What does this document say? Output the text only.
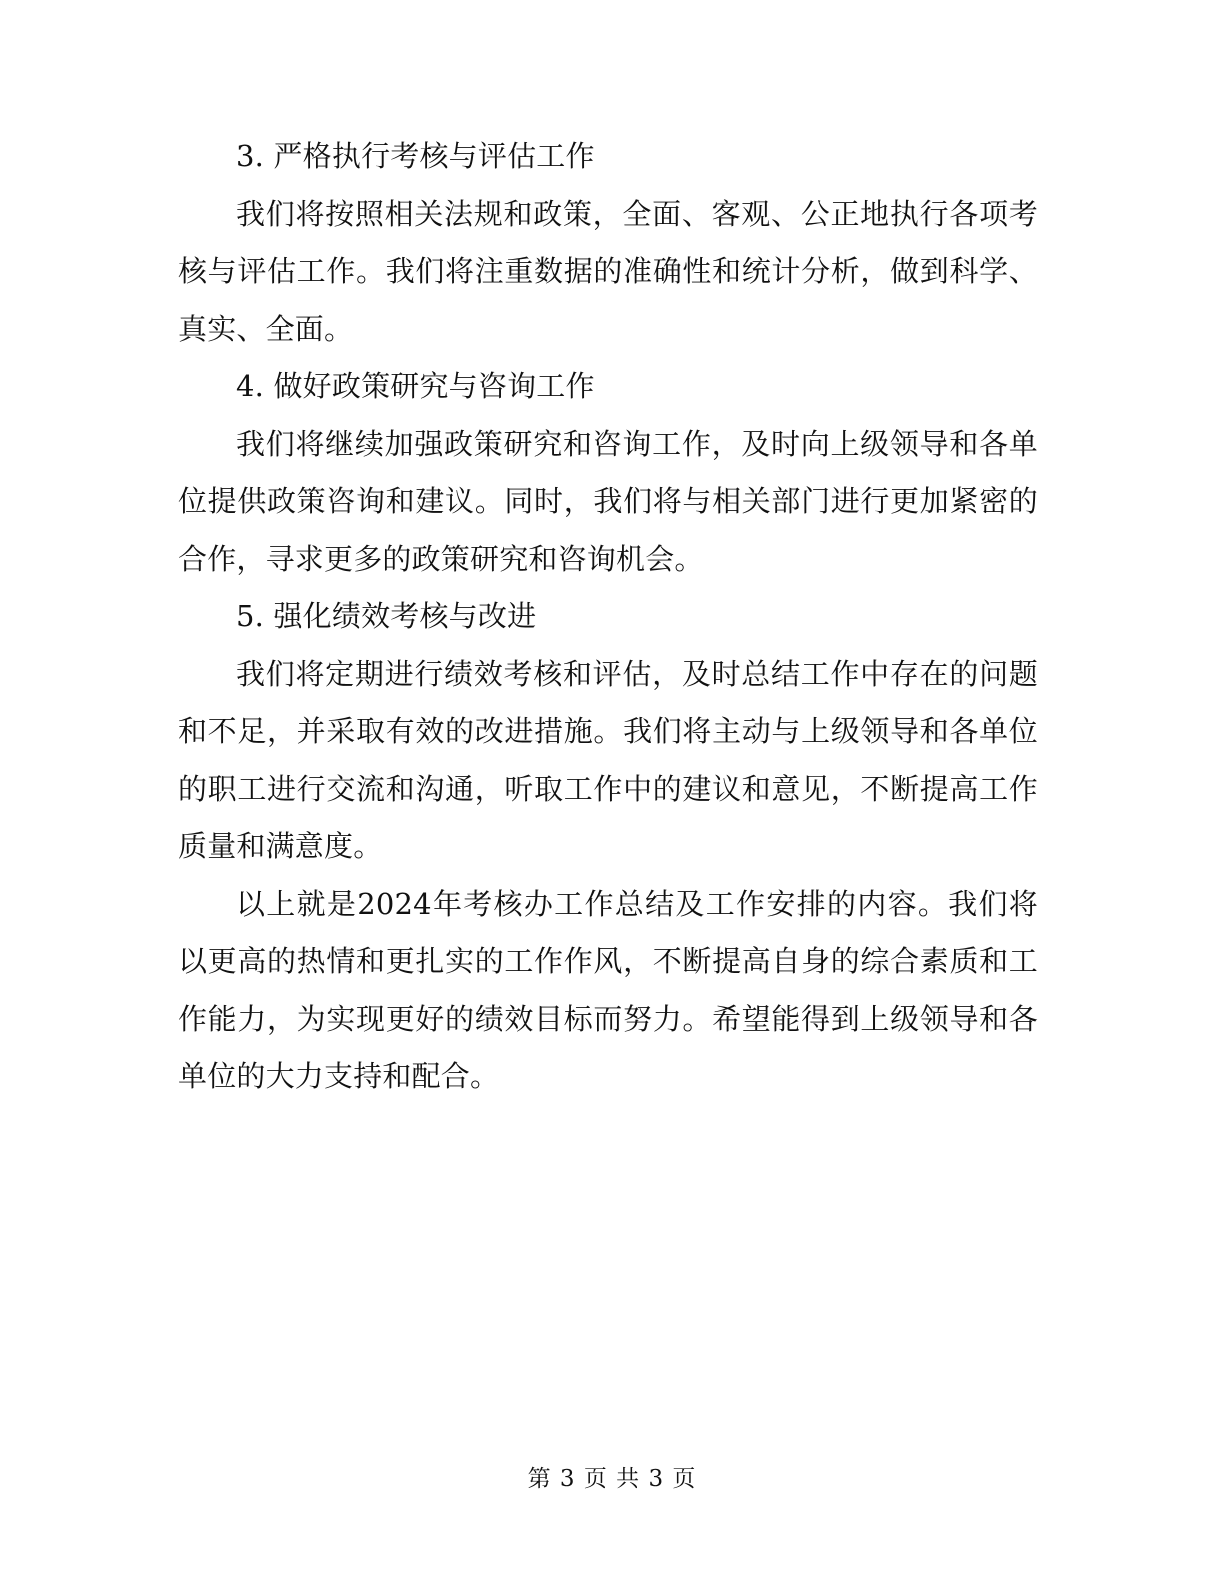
3. 严格执行考核与评估工作

我们将按照相关法规和政策，全面、客观、公正地执行各项考核与评估工作。我们将注重数据的准确性和统计分析，做到科学、真实、全面。

4. 做好政策研究与咨询工作

我们将继续加强政策研究和咨询工作，及时向上级领导和各单位提供政策咨询和建议。同时，我们将与相关部门进行更加紧密的合作，寻求更多的政策研究和咨询机会。

5. 强化绩效考核与改进

我们将定期进行绩效考核和评估，及时总结工作中存在的问题和不足，并采取有效的改进措施。我们将主动与上级领导和各单位的职工进行交流和沟通，听取工作中的建议和意见，不断提高工作质量和满意度。

以上就是2024年考核办工作总结及工作安排的内容。我们将以更高的热情和更扎实的工作作风，不断提高自身的综合素质和工作能力，为实现更好的绩效目标而努力。希望能得到上级领导和各单位的大力支持和配合。

第 3 页 共 3 页
